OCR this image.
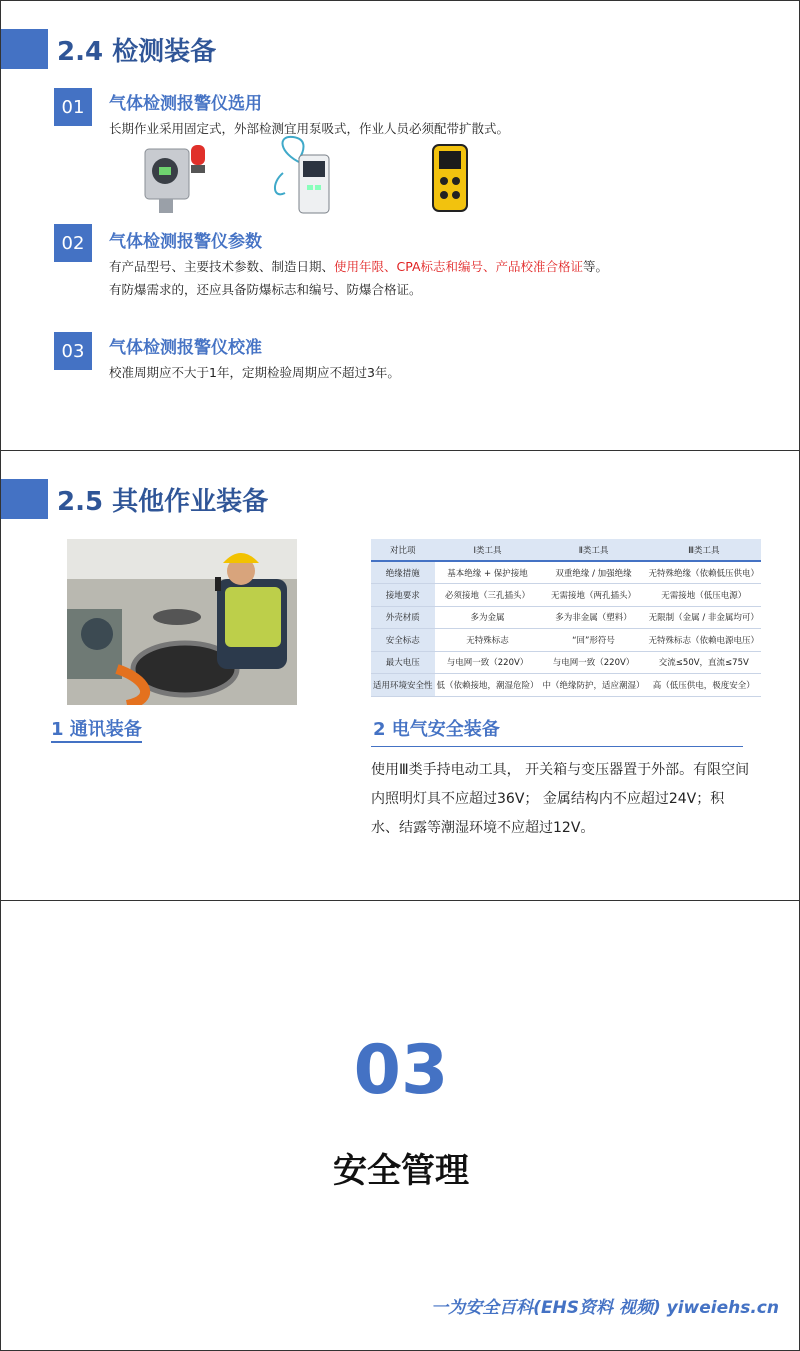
2.4 检测装备
01	气体检测报警仪选用
长期作业采用固定式，外部检测宜用泵吸式，作业人员必须配带扩散式。
02	气体检测报警仪参数
有产品型号、主要技术参数、制造日期、使用年限、CPA标志和编号、产品校准合格证等。
有防爆需求的，还应具备防爆标志和编号、防爆合格证。
03	气体检测报警仪校准
校准周期应不大于1年，定期检验周期应不超过3年。
2.5 其他作业装备
对比项	Ⅰ类工具	Ⅱ类工具	Ⅲ类工具
绝缘措施	基本绝缘 + 保护接地	双重绝缘 / 加强绝缘	无特殊绝缘（依赖低压供电）
接地要求	必须接地（三孔插头）	无需接地（两孔插头）	无需接地（低压电源）
外壳材质	多为金属	多为非金属（塑料）	无限制（金属 / 非金属均可）
安全标志	无特殊标志	“回”形符号	无特殊标志（依赖电源电压）
最大电压	与电网一致（220V）	与电网一致（220V）	交流≤50V，直流≤75V
适用环境安全性	低（依赖接地，潮湿危险）	中（绝缘防护，适应潮湿）	高（低压供电，极度安全）
1 通讯装备	2 电气安全装备
使用Ⅲ类手持电动工具， 开关箱与变压器置于外部。有限空间内照明灯具不应超过36V； 金属结构内不应超过24V；积水、结露等潮湿环境不应超过12V。
03
安全管理
一为安全百科(EHS资料 视频) yiweiehs.cn
